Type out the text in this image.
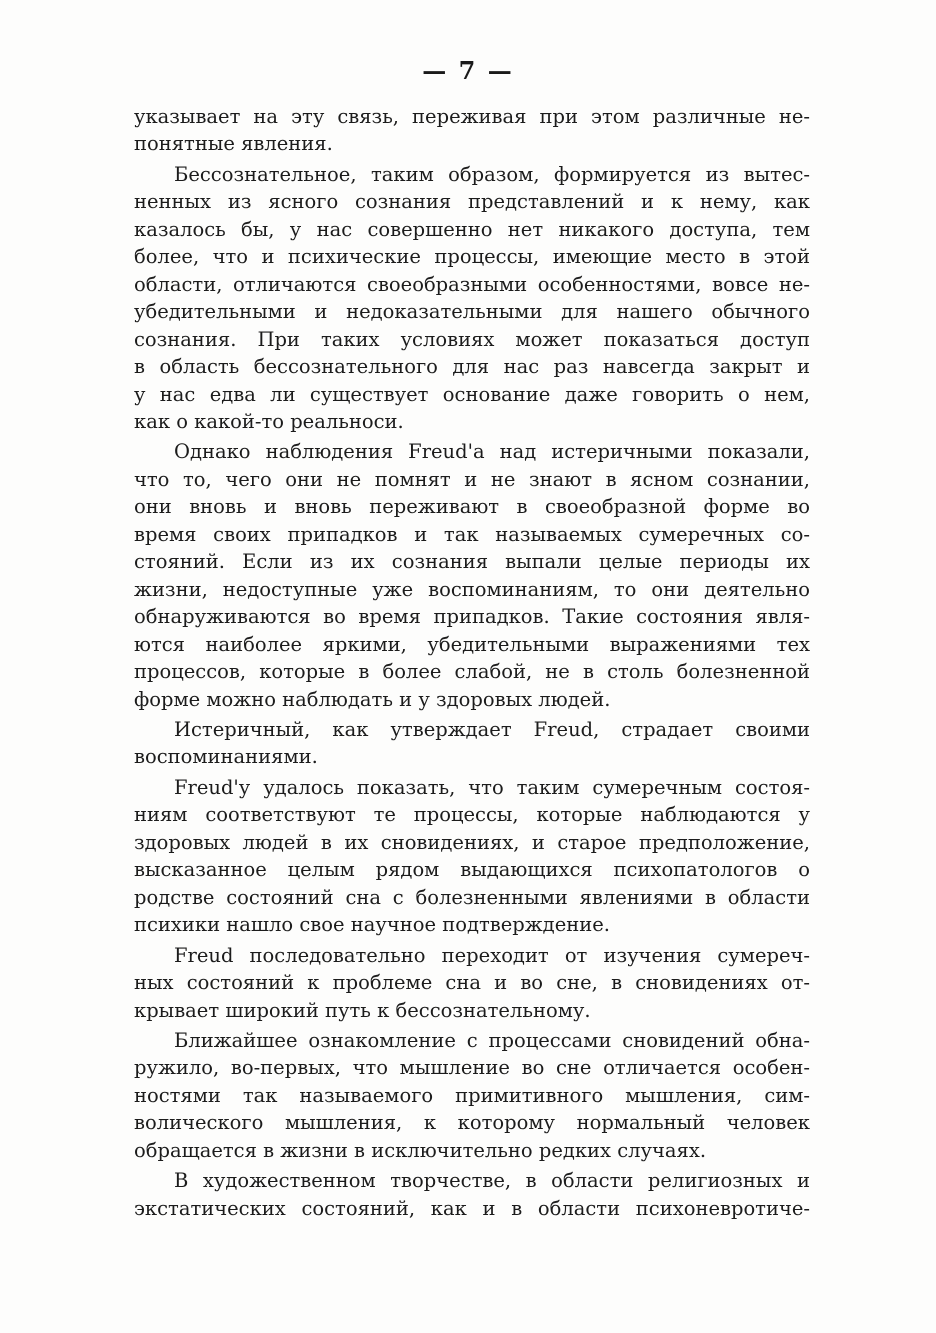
— 7 —
указывает на эту связь, переживая при этом различные не-
понятные явления.
Бессознательное, таким образом, формируется из вытес-
ненных из ясного сознания представлений и к нему, как
казалось бы, у нас совершенно нет никакого доступа, тем
более, что и психические процессы, имеющие место в этой
области, отличаются своеобразными особенностями, вовсе не-
убедительными и недоказательными для нашего обычного
сознания. При таких условиях может показаться доступ
в область бессознательного для нас раз навсегда закрыт и
у нас едва ли существует основание даже говорить о нем,
как о какой-то реальноси.
Однако наблюдения Freud'а над истеричными показали,
что то, чего они не помнят и не знают в ясном сознании,
они вновь и вновь переживают в своеобразной форме во
время своих припадков и так называемых сумеречных со-
стояний. Если из их сознания выпали целые периоды их
жизни, недоступные уже воспоминаниям, то они деятельно
обнаруживаются во время припадков. Такие состояния явля-
ются наиболее яркими, убедительными выражениями тех
процессов, которые в более слабой, не в столь болезненной
форме можно наблюдать и у здоровых людей.
Истеричный, как утверждает Freud, страдает своими
воспоминаниями.
Freud'у удалось показать, что таким сумеречным состоя-
ниям соответствуют те процессы, которые наблюдаются у
здоровых людей в их сновидениях, и старое предположение,
высказанное целым рядом выдающихся психопатологов о
родстве состояний сна с болезненными явлениями в области
психики нашло свое научное подтверждение.
Freud последовательно переходит от изучения сумереч-
ных состояний к проблеме сна и во сне, в сновидениях от-
крывает широкий путь к бессознательному.
Ближайшее ознакомление с процессами сновидений обна-
ружило, во-первых, что мышление во сне отличается особен-
ностями так называемого примитивного мышления, сим-
волического мышления, к которому нормальный человек
обращается в жизни в исключительно редких случаях.
В художественном творчестве, в области религиозных и
экстатических состояний, как и в области психоневротиче-
